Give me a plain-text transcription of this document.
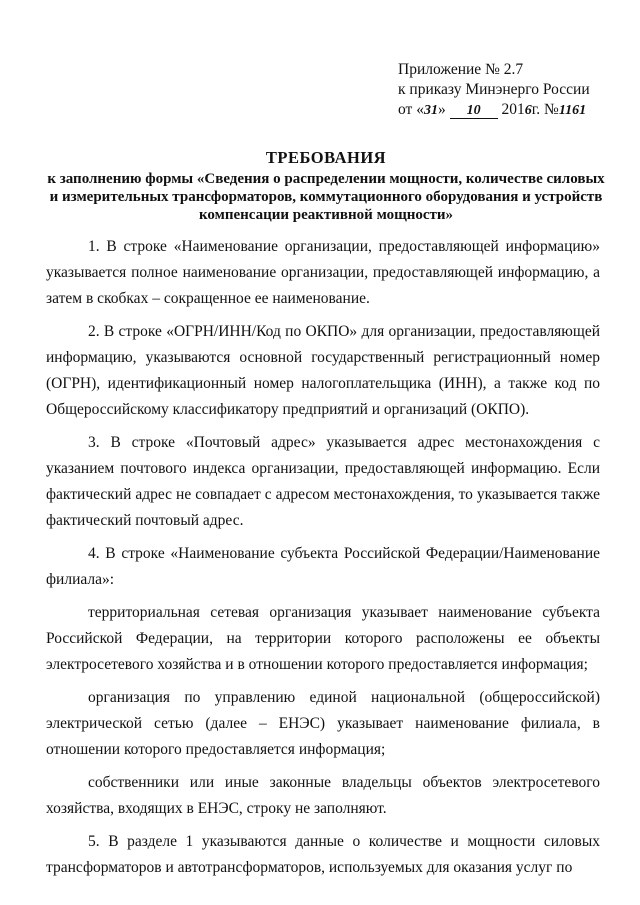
Приложение № 2.7
к приказу Минэнерго России
от «31» 10 2016г. №1161
ТРЕБОВАНИЯ
к заполнению формы «Сведения о распределении мощности, количестве силовых и измерительных трансформаторов, коммутационного оборудования и устройств компенсации реактивной мощности»

1. В строке «Наименование организации, предоставляющей информацию» указывается полное наименование организации, предоставляющей информацию, а затем в скобках – сокращенное ее наименование.

2. В строке «ОГРН/ИНН/Код по ОКПО» для организации, предоставляющей информацию, указываются основной государственный регистрационный номер (ОГРН), идентификационный номер налогоплательщика (ИНН), а также код по Общероссийскому классификатору предприятий и организаций (ОКПО).

3. В строке «Почтовый адрес» указывается адрес местонахождения с указанием почтового индекса организации, предоставляющей информацию. Если фактический адрес не совпадает с адресом местонахождения, то указывается также фактический почтовый адрес.

4. В строке «Наименование субъекта Российской Федерации/Наименование филиала»:

территориальная сетевая организация указывает наименование субъекта Российской Федерации, на территории которого расположены ее объекты электросетевого хозяйства и в отношении которого предоставляется информация;

организация по управлению единой национальной (общероссийской) электрической сетью (далее – ЕНЭС) указывает наименование филиала, в отношении которого предоставляется информация;

собственники или иные законные владельцы объектов электросетевого хозяйства, входящих в ЕНЭС, строку не заполняют.

5. В разделе 1 указываются данные о количестве и мощности силовых трансформаторов и автотрансформаторов, используемых для оказания услуг по
